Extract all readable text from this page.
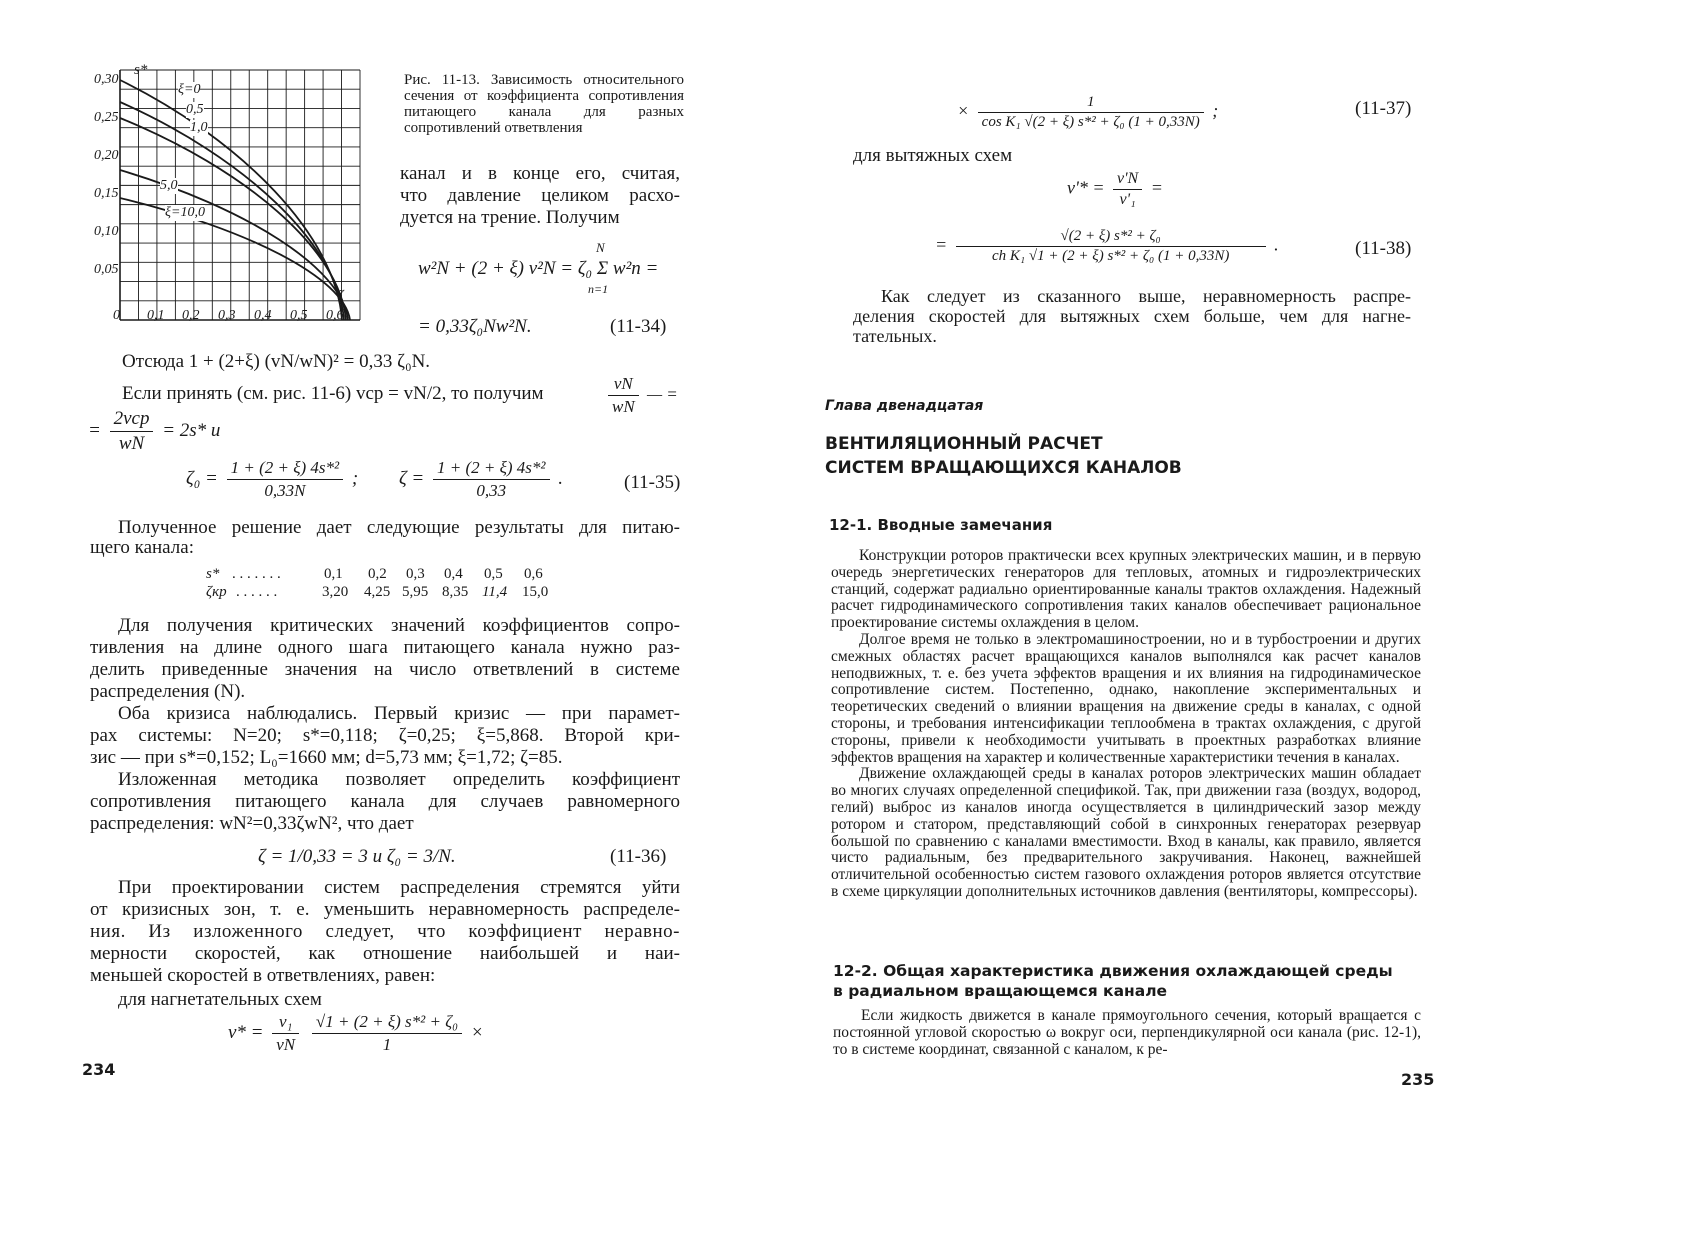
s*
0,30
0,25
0,20
0,15
0,10
0,05
0 0,1 0,2 0,3 0,4 0,5 0,6
ξ=0
0,5
1,0
5,0
ξ=10,0
ζ
Рис. 11-13. Зависимость относительного сечения от коэффициента сопротивления питающего канала для разных сопротивлений ответвления
канал и в конце его, считая,
что давление целиком расхо-
дуется на трение. Получим
N
w²N + (2 + ξ) v²N = ζ₀ Σ w²n =
n=1
= 0,33ζ₀Nw²N.	(11-34)
Отсюда 1 + (2+ξ) (vN/wN)² = 0,33 ζ₀N.
Если принять (см. рис. 11-6) vср = vN/2, то получим	$\frac{vN}{wN}$ — =
= $\frac{\text{2vср}}{wN} = 2s*$ и
$\zeta_0 = \frac{\text{1 + (2 + ξ) 4s*²}}{0,33N}$ ; $\zeta = \frac{\text{1 + (2 + ξ) 4s*²}}{0,33}$ .	(11-35)
Полученное решение дает следующие результаты для питаю-
щего канала:
s* . . . . . . .	0,1 0,2 0,3 0,4 0,5 0,6
ζкр . . . . . .	3,20 4,25 5,95 8,35 11,4 15,0
Для получения критических значений коэффициентов сопро-
тивления на длине одного шага питающего канала нужно раз-
делить приведенные значения на число ответвлений в системе
распределения (N).
Оба кризиса наблюдались. Первый кризис — при парамет-
рах системы: N=20; s*=0,118; ζ=0,25; ξ=5,868. Второй кри-
зис — при s*=0,152; L₀=1660 мм; d=5,73 мм; ξ=1,72; ζ=85.
Изложенная методика позволяет определить коэффициент
сопротивления питающего канала для случаев равномерного
распределения: wN²=0,33ζwN², что дает
ζ = 1/0,33 = 3 и ζ₀ = 3/N.	(11-36)
При проектировании систем распределения стремятся уйти
от кризисных зон, т. е. уменьшить неравномерность распределе-
ния. Из изложенного следует, что коэффициент неравно-
мерности скоростей, как отношение наибольшей и наи-
меньшей скоростей в ответвлениях, равен:
для нагнетательных схем
$v* = \frac{\text{v₁}}{vN}$
$\frac{\text{√1 + (2 + ξ) s*² + ζ₀}}{1}$ ×
234
× $\frac{1}{\text{cos K₁ √(2 + ξ) s*² + ζ₀ (1 + 0,33N)}}$ ;	(11-37)
для вытяжных схем
$v'* = \frac{v'N}{\text{v'₁}}$ =
= $\frac{\text{√(2 + ξ) s*² + ζ₀}}{\text{ch K₁ √1 + (2 + ξ) s*² + ζ₀ (1 + 0,33N)}}$ .	(11-38)
Как следует из сказанного выше, неравномерность распре-
деления скоростей для вытяжных схем больше, чем для нагне-
тательных.
Глава двенадцатая
ВЕНТИЛЯЦИОННЫЙ РАСЧЕТ
СИСТЕМ ВРАЩАЮЩИХСЯ КАНАЛОВ
12-1. Вводные замечания

Конструкции роторов практически всех крупных электрических машин, и в первую очередь энергетических генераторов для тепловых, атомных и гидроэлектрических станций, содержат радиально ориентированные каналы трактов охлаждения. Надежный расчет гидродинамического сопротивления таких каналов обеспечивает рациональное проектирование системы охлаждения в целом.

Долгое время не только в электромашиностроении, но и в турбостроении и других смежных областях расчет вращающихся каналов выполнялся как расчет каналов неподвижных, т. е. без учета эффектов вращения и их влияния на гидродинамическое сопротивление систем. Постепенно, однако, накопление экспериментальных и теоретических сведений о влиянии вращения на движение среды в каналах, с одной стороны, и требования интенсификации теплообмена в трактах охлаждения, с другой стороны, привели к необходимости учитывать в проектных разработках влияние эффектов вращения на характер и количественные характеристики течения в каналах.

Движение охлаждающей среды в каналах роторов электрических машин обладает во многих случаях определенной спецификой. Так, при движении газа (воздух, водород, гелий) выброс из каналов иногда осуществляется в цилиндрический зазор между ротором и статором, представляющий собой в синхронных генераторах резервуар большой по сравнению с каналами вместимости. Вход в каналы, как правило, является чисто радиальным, без предварительного закручивания. Наконец, важнейшей отличительной особенностью систем газового охлаждения роторов является отсутствие в схеме циркуляции дополнительных источников давления (вентиляторы, компрессоры).

12-2. Общая характеристика движения охлаждающей среды
в радиальном вращающемся канале

Если жидкость движется в канале прямоугольного сечения, который вращается с постоянной угловой скоростью ω вокруг оси, перпендикулярной оси канала (рис. 12-1), то в системе координат, связанной с каналом, к ре-

235
